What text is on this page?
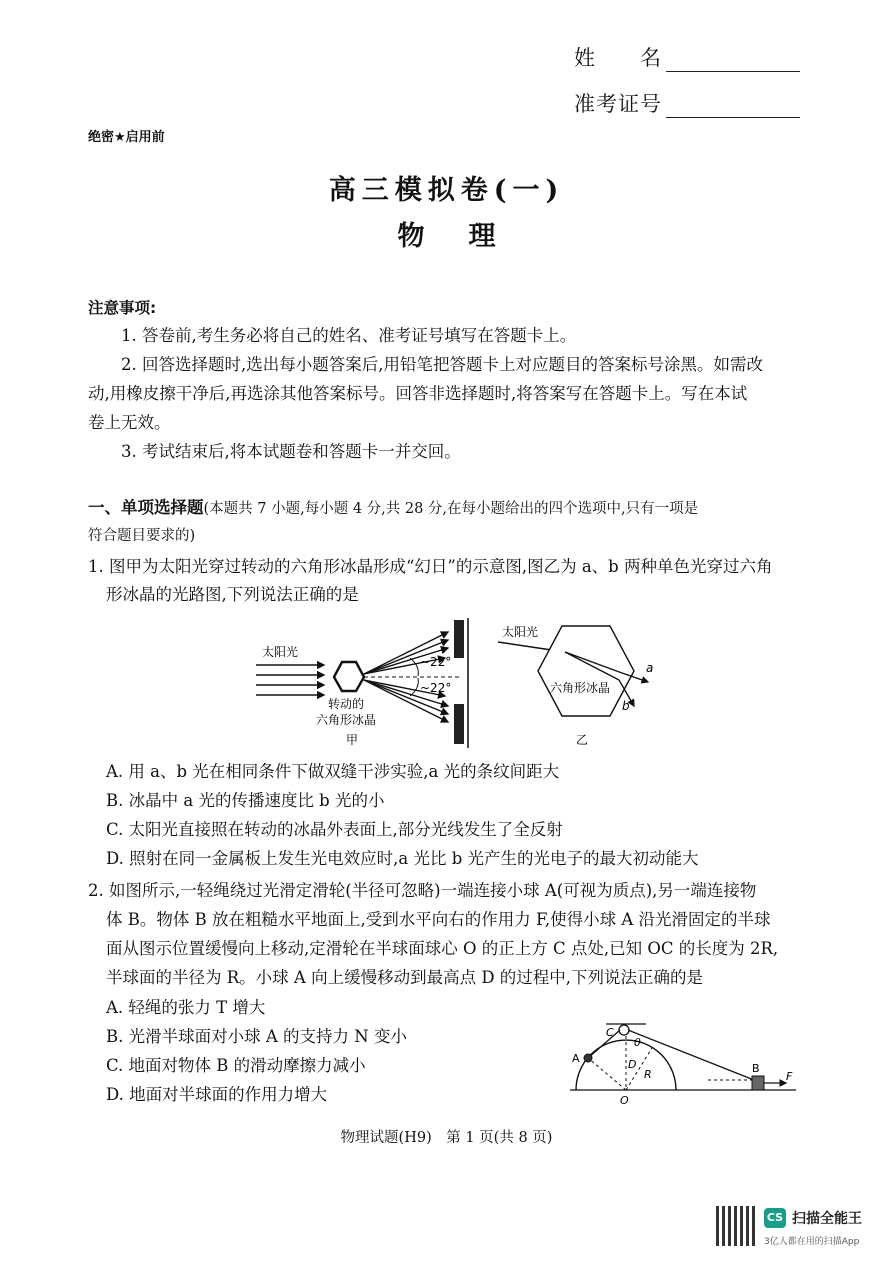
姓　　名
准考证号
绝密★启用前
高三模拟卷(一)
物 理
注意事项:
1. 答卷前,考生务必将自己的姓名、准考证号填写在答题卡上。
2. 回答选择题时,选出每小题答案后,用铅笔把答题卡上对应题目的答案标号涂黑。如需改
动,用橡皮擦干净后,再选涂其他答案标号。回答非选择题时,将答案写在答题卡上。写在本试
卷上无效。
3. 考试结束后,将本试题卷和答题卡一并交回。
一、单项选择题(本题共 7 小题,每小题 4 分,共 28 分,在每小题给出的四个选项中,只有一项是
符合题目要求的)
1. 图甲为太阳光穿过转动的六角形冰晶形成“幻日”的示意图,图乙为 a、b 两种单色光穿过六角
形冰晶的光路图,下列说法正确的是
太阳光
~22°
~22°
转动的
六角形冰晶
甲
太阳光
a
b
六角形冰晶
乙
A. 用 a、b 光在相同条件下做双缝干涉实验,a 光的条纹间距大
B. 冰晶中 a 光的传播速度比 b 光的小
C. 太阳光直接照在转动的冰晶外表面上,部分光线发生了全反射
D. 照射在同一金属板上发生光电效应时,a 光比 b 光产生的光电子的最大初动能大
2. 如图所示,一轻绳绕过光滑定滑轮(半径可忽略)一端连接小球 A(可视为质点),另一端连接物
体 B。物体 B 放在粗糙水平地面上,受到水平向右的作用力 F,使得小球 A 沿光滑固定的半球
面从图示位置缓慢向上移动,定滑轮在半球面球心 O 的正上方 C 点处,已知 OC 的长度为 2R,
半球面的半径为 R。小球 A 向上缓慢移动到最高点 D 的过程中,下列说法正确的是
A. 轻绳的张力 T 增大
B. 光滑半球面对小球 A 的支持力 N 变小
C. 地面对物体 B 的滑动摩擦力减小
D. 地面对半球面的作用力增大
C
θ
D
A
R
O
B
F
物理试题(H9)　第 1 页(共 8 页)
CS 扫描全能王
3亿人都在用的扫描App
